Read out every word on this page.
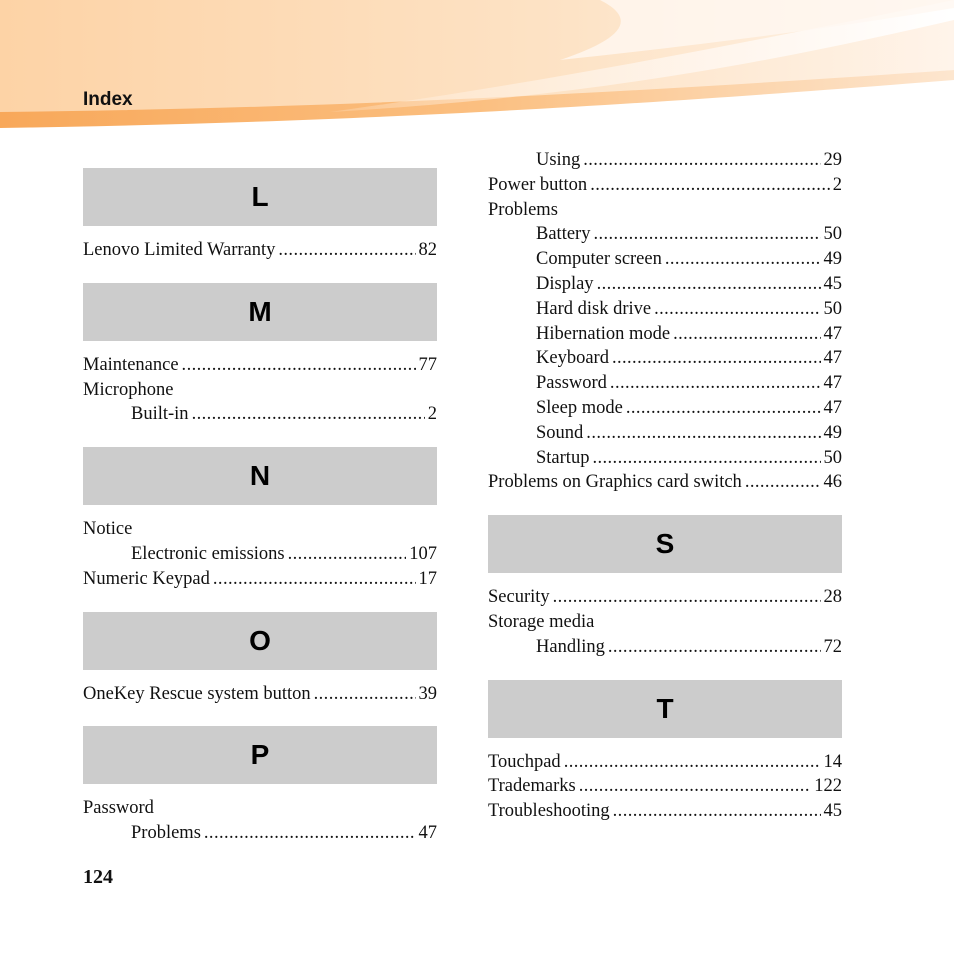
Index
L
Lenovo Limited Warranty .....	82
M
Maintenance .....	77
Microphone
Built-in .....	2
N
Notice
Electronic emissions .....	107
Numeric Keypad .....	17
O
OneKey Rescue system button .....	39
P
Password
Problems .....	47
Using .....	29
Power button .....	2
Problems
Battery .....	50
Computer screen .....	49
Display .....	45
Hard disk drive .....	50
Hibernation mode .....	47
Keyboard .....	47
Password .....	47
Sleep mode .....	47
Sound .....	49
Startup .....	50
Problems on Graphics card switch .....	46
S
Security .....	28
Storage media
Handling .....	72
T
Touchpad .....	14
Trademarks .....	122
Troubleshooting .....	45
124
